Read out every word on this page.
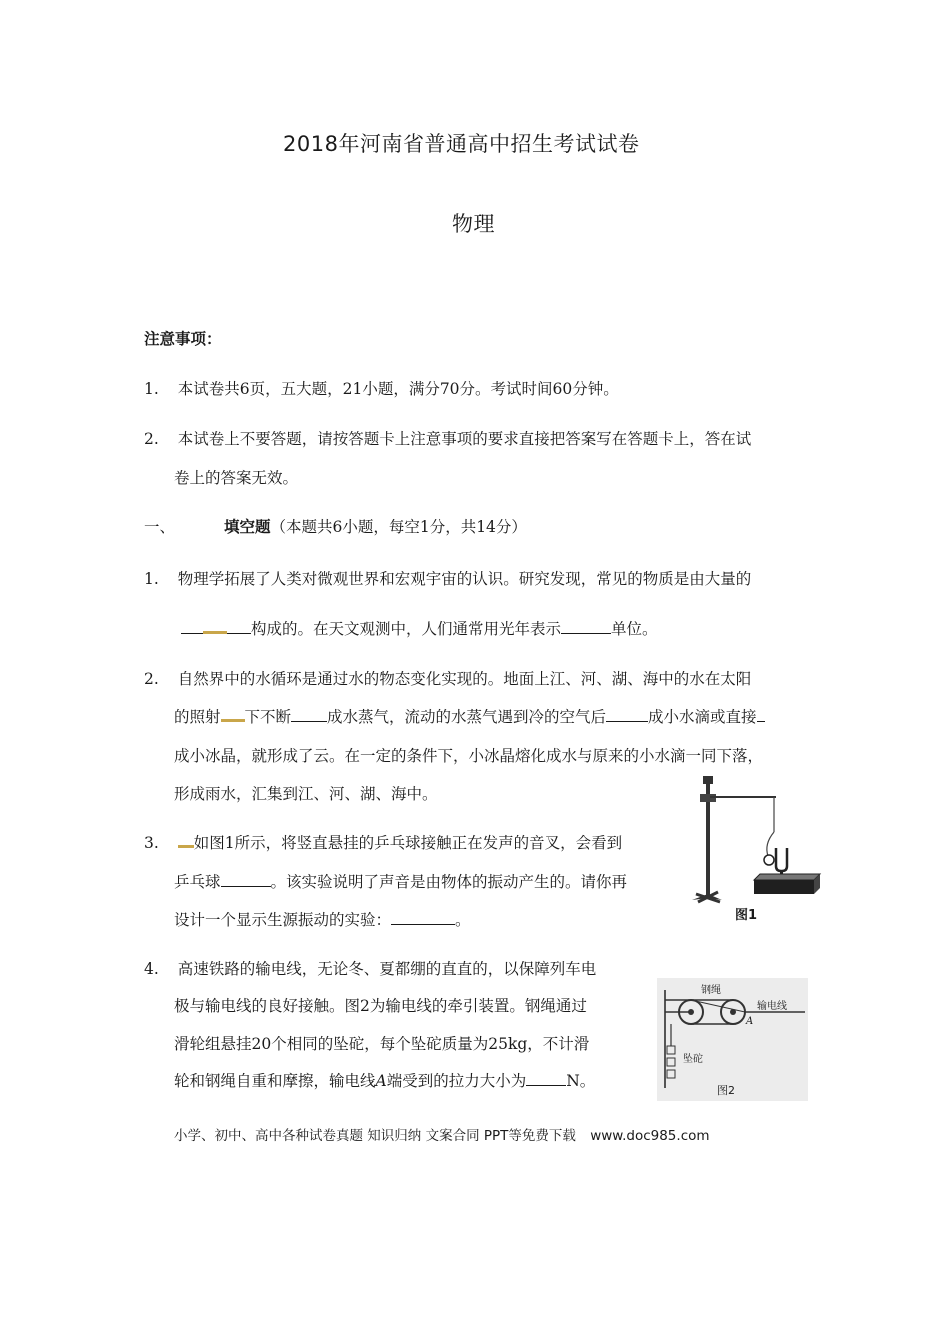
2018年河南省普通高中招生考试试卷
物理
注意事项：
1. 本试卷共6页，五大题，21小题，满分70分。考试时间60分钟。
2. 本试卷上不要答题，请按答题卡上注意事项的要求直接把答案写在答题卡上，答在试
卷上的答案无效。
一、	填空题（本题共6小题，每空1分，共14分）
1. 物理学拓展了人类对微观世界和宏观宇宙的认识。研究发现，常见的物质是由大量的
构成的。在天文观测中，人们通常用光年表示	单位。
2. 自然界中的水循环是通过水的物态变化实现的。地面上江、河、湖、海中的水在太阳
的照射 下不断 成水蒸气，流动的水蒸气遇到冷的空气后	成小水滴或直接
成小冰晶，就形成了云。在一定的条件下，小冰晶熔化成水与原来的小水滴一同下落，
形成雨水，汇集到江、河、湖、海中。
3. 如图1所示，将竖直悬挂的乒乓球接触正在发声的音叉，会看到
乒乓球	。该实验说明了声音是由物体的振动产生的。请你再
设计一个显示生源振动的实验：	。	图1
4. 高速铁路的输电线，无论冬、夏都绷的直直的，以保障列车电
极与输电线的良好接触。图2为输电线的牵引装置。钢绳通过
滑轮组悬挂20个相同的坠砣，每个坠砣质量为25kg，不计滑
轮和钢绳自重和摩擦，输电线A端受到的拉力大小为	N。
钢绳
输电线
A
坠砣
图2
小学、初中、高中各种试卷真题 知识归纳 文案合同 PPT等免费下载 www.doc985.com
